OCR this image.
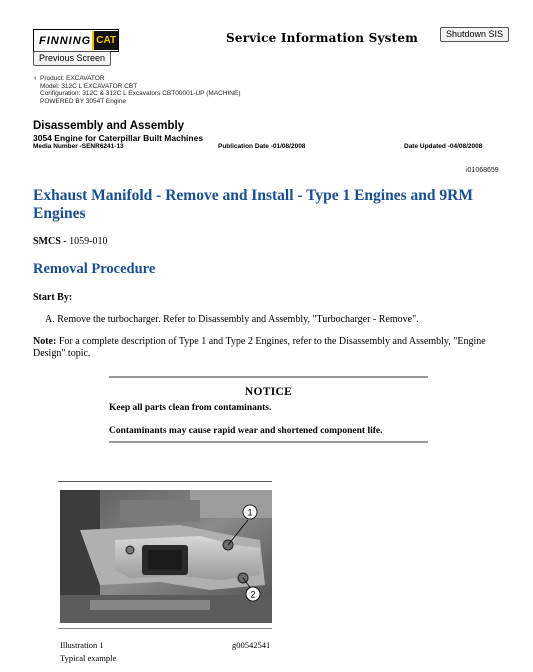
FINNING CAT	Service Information System	Shutdown SIS
Previous Screen
‹ Product: EXCAVATOR
Model: 312C L EXCAVATOR CBT
Configuration: 312C & 312C L Excavators CBT00001-UP (MACHINE)
POWERED BY 3054T Engine
Disassembly and Assembly
3054 Engine for Caterpillar Built Machines
Media Number -SENR6241-13	Publication Date -01/08/2008	Date Updated -04/08/2008
i01068659
Exhaust Manifold - Remove and Install - Type 1 Engines and 9RM Engines
SMCS - 1059-010
Removal Procedure
Start By:
A. Remove the turbocharger. Refer to Disassembly and Assembly, "Turbocharger - Remove".
Note: For a complete description of Type 1 and Type 2 Engines, refer to the Disassembly and Assembly, "Engine Design" topic.
NOTICE
Keep all parts clean from contaminants.
Contaminants may cause rapid wear and shortened component life.
1
2
Illustration 1	g00542541
Typical example
